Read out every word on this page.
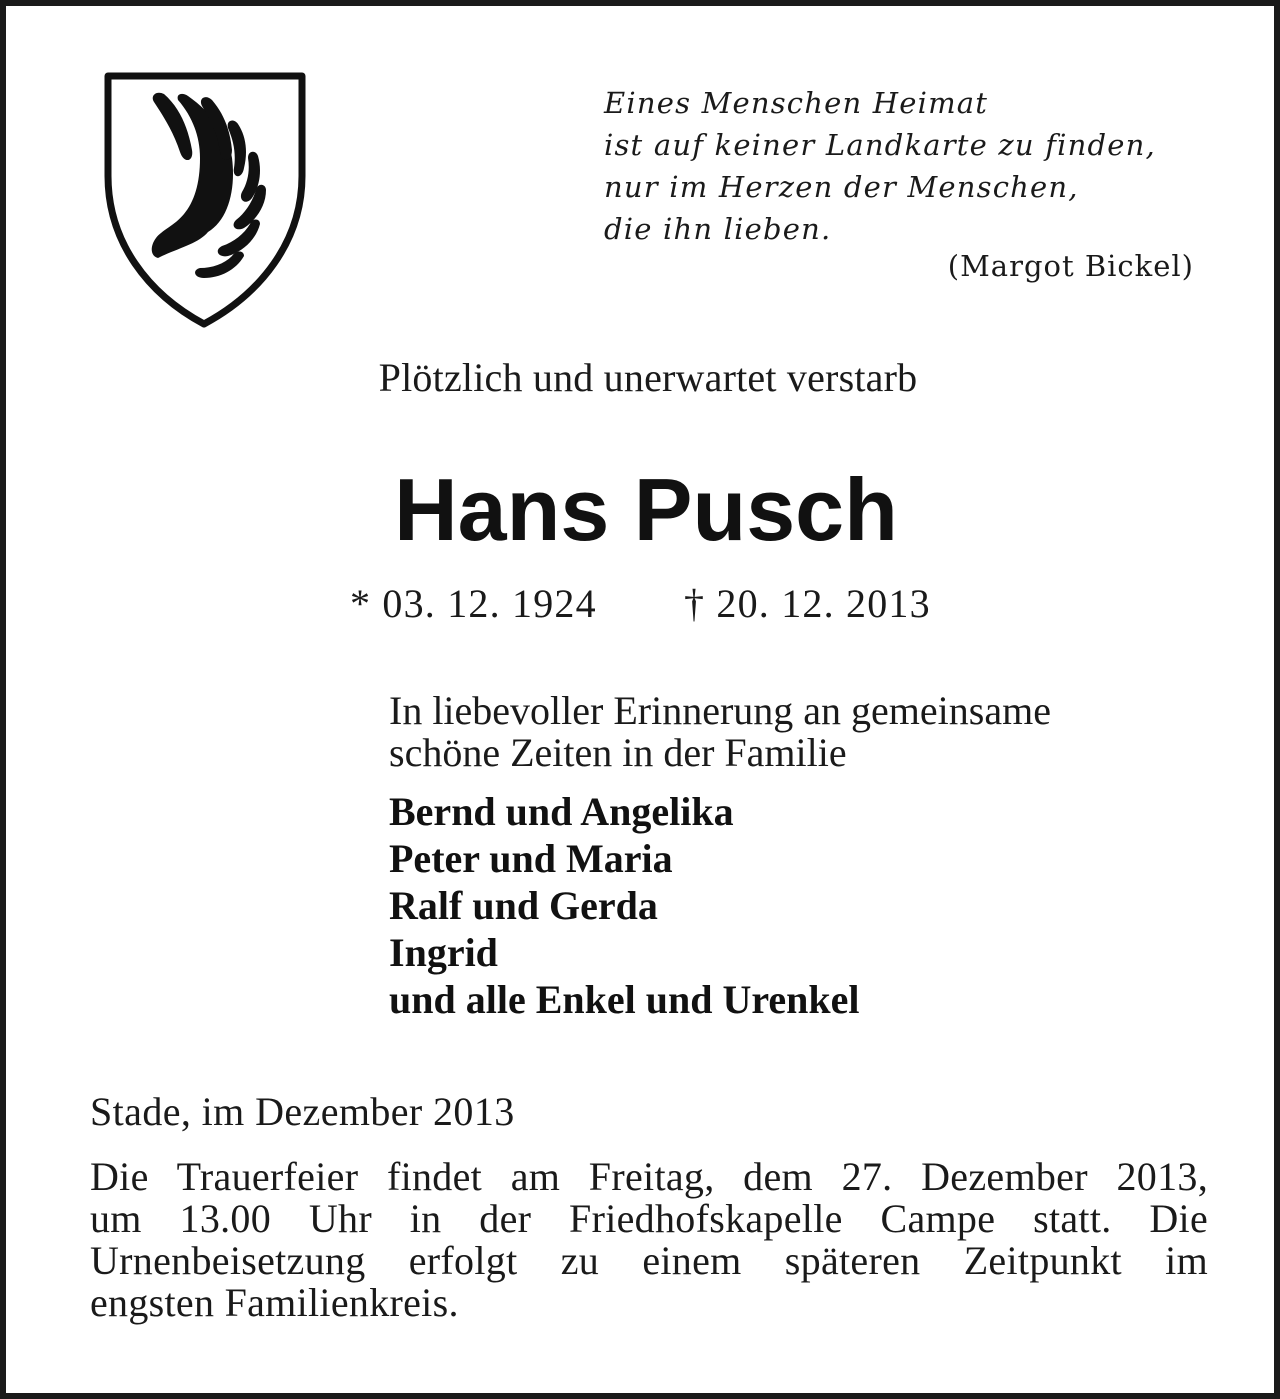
Eines Menschen Heimat
ist auf keiner Landkarte zu finden,
nur im Herzen der Menschen,
die ihn lieben.
(Margot Bickel)
Plötzlich und unerwartet verstarb
Hans Pusch
* 03. 12. 1924 † 20. 12. 2013

In liebevoller Erinnerung an gemeinsame
schöne Zeiten in der Familie

Bernd und Angelika
Peter und Maria
Ralf und Gerda
Ingrid
und alle Enkel und Urenkel
Stade, im Dezember 2013
Die Trauerfeier findet am Freitag, dem 27. Dezember 2013,
um 13.00 Uhr in der Friedhofskapelle Campe statt. Die
Urnenbeisetzung erfolgt zu einem späteren Zeitpunkt im
engsten Familienkreis.
